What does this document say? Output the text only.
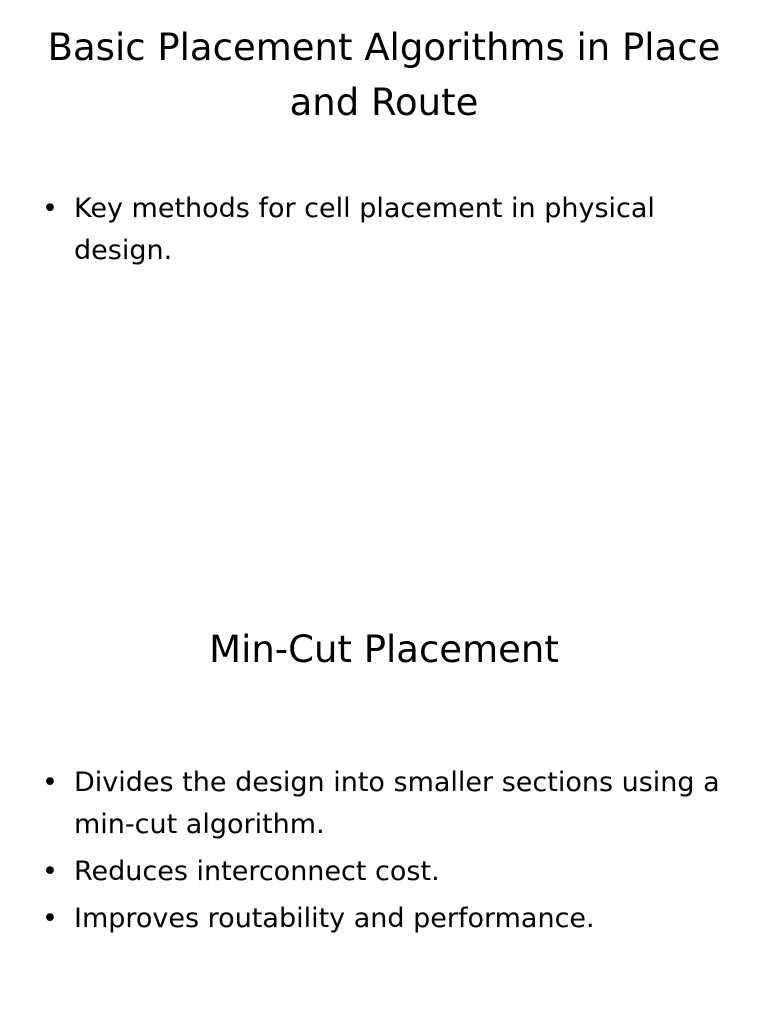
Basic Placement Algorithms in Place and Route
• Key methods for cell placement in physical design.
Min-Cut Placement
• Divides the design into smaller sections using a min-cut algorithm.
• Reduces interconnect cost.
• Improves routability and performance.
